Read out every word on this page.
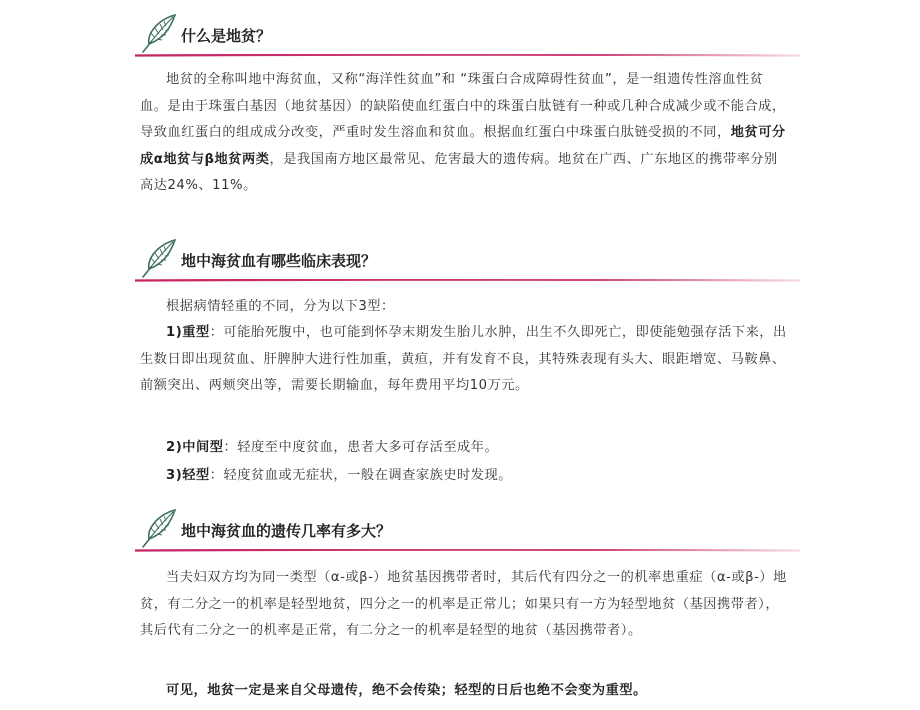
什么是地贫？

地贫的全称叫地中海贫血，又称“海洋性贫血”和 “珠蛋白合成障碍性贫血”，是一组遗传性溶血性贫血。是由于珠蛋白基因（地贫基因）的缺陷使血红蛋白中的珠蛋白肽链有一种或几种合成减少或不能合成，导致血红蛋白的组成成分改变，严重时发生溶血和贫血。根据血红蛋白中珠蛋白肽链受损的不同，地贫可分成α地贫与β地贫两类，是我国南方地区最常见、危害最大的遗传病。地贫在广西、广东地区的携带率分别高达24%、11%。

地中海贫血有哪些临床表现？

根据病情轻重的不同，分为以下3型：

1)重型：可能胎死腹中，也可能到怀孕末期发生胎儿水肿，出生不久即死亡，即使能勉强存活下来，出生数日即出现贫血、肝脾肿大进行性加重，黄疸，并有发育不良，其特殊表现有头大、眼距增宽、马鞍鼻、前额突出、两颊突出等，需要长期输血，每年费用平均10万元。

2)中间型：轻度至中度贫血，患者大多可存活至成年。

3)轻型：轻度贫血或无症状，一般在调查家族史时发现。

地中海贫血的遗传几率有多大？

当夫妇双方均为同一类型（α-或β-）地贫基因携带者时，其后代有四分之一的机率患重症（α-或β-）地贫，有二分之一的机率是轻型地贫，四分之一的机率是正常儿；如果只有一方为轻型地贫（基因携带者），其后代有二分之一的机率是正常，有二分之一的机率是轻型的地贫（基因携带者）。

可见，地贫一定是来自父母遗传，绝不会传染；轻型的日后也绝不会变为重型。
